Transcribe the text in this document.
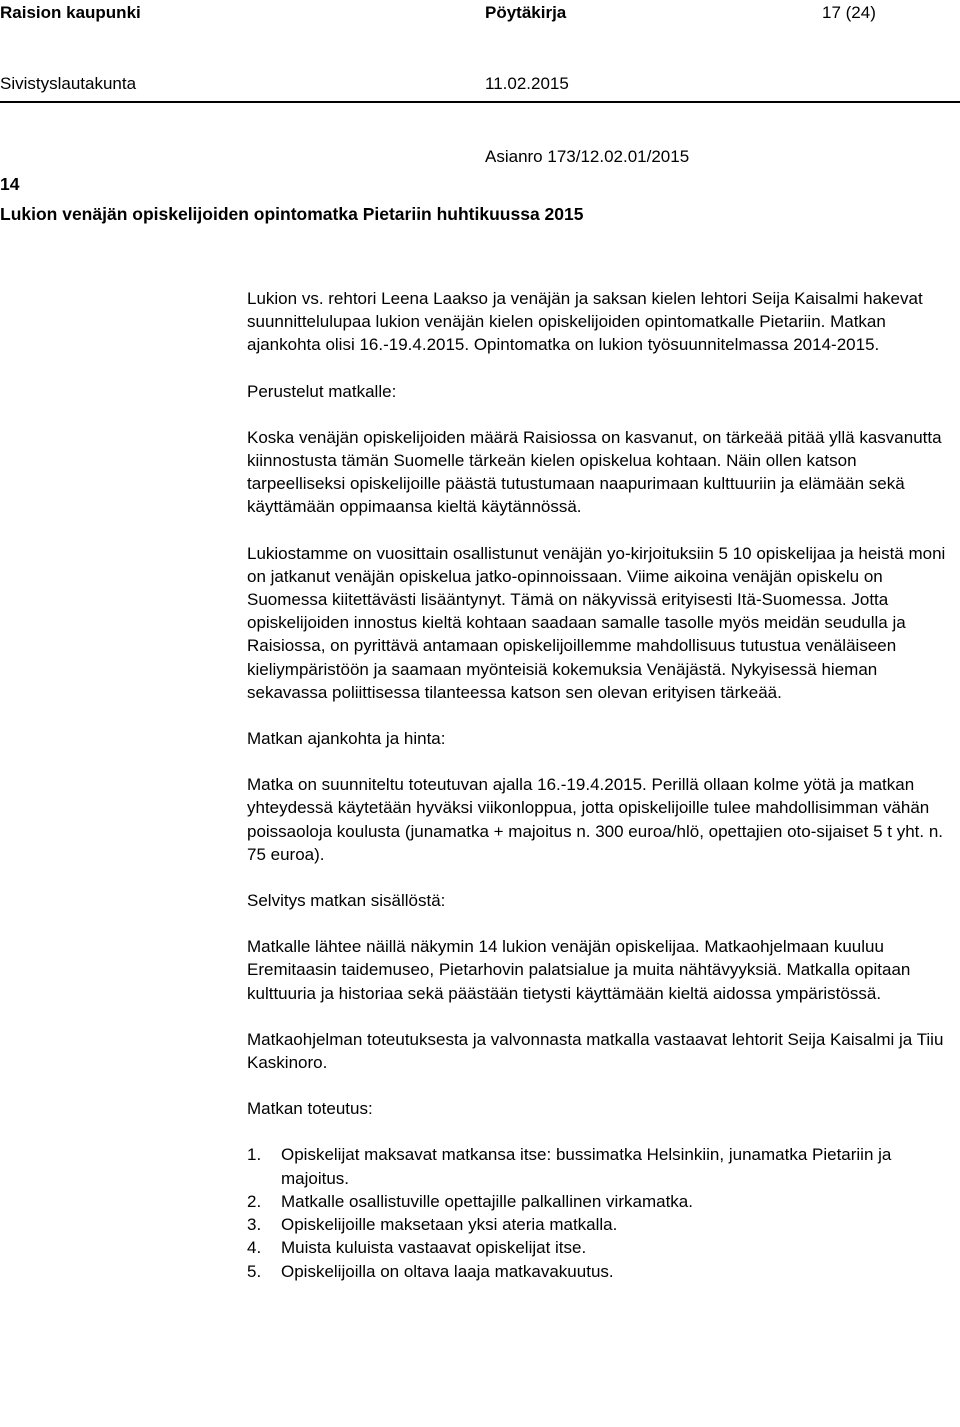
Raision kaupunki	Pöytäkirja	17 (24)
Sivistyslautakunta	11.02.2015
Asianro 173/12.02.01/2015
14
Lukion venäjän opiskelijoiden opintomatka Pietariin huhtikuussa 2015

Lukion vs. rehtori Leena Laakso ja venäjän ja saksan kielen lehtori Seija Kaisalmi hakevat suunnittelulupaa lukion venäjän kielen opiskelijoiden opintomatkalle Pietariin. Matkan ajankohta olisi 16.-19.4.2015. Opintomatka on lukion työsuunnitelmassa 2014-2015.

Perustelut matkalle:

Koska venäjän opiskelijoiden määrä Raisiossa on kasvanut, on tärkeää pitää yllä kasvanutta kiinnostusta tämän Suomelle tärkeän kielen opiskelua kohtaan. Näin ollen katson tarpeelliseksi opiskelijoille päästä tutustumaan naapurimaan kulttuuriin ja elämään sekä käyttämään oppimaansa kieltä käytännössä.

Lukiostamme on vuosittain osallistunut venäjän yo-kirjoituksiin 5 10 opiskelijaa ja heistä moni on jatkanut venäjän opiskelua jatko-opinnoissaan. Viime aikoina venäjän opiskelu on Suomessa kiitettävästi lisääntynyt. Tämä on näkyvissä erityisesti Itä-Suomessa. Jotta opiskelijoiden innostus kieltä kohtaan saadaan samalle tasolle myös meidän seudulla ja Raisiossa, on pyrittävä antamaan opiskelijoillemme mahdollisuus tutustua venäläiseen kieliympäristöön ja saamaan myönteisiä kokemuksia Venäjästä. Nykyisessä hieman sekavassa poliittisessa tilanteessa katson sen olevan erityisen tärkeää.

Matkan ajankohta ja hinta:

Matka on suunniteltu toteutuvan ajalla 16.-19.4.2015. Perillä ollaan kolme yötä ja matkan yhteydessä käytetään hyväksi viikonloppua, jotta opiskelijoille tulee mahdollisimman vähän poissaoloja koulusta (junamatka + majoitus n. 300 euroa/hlö, opettajien oto-sijaiset 5 t yht. n. 75 euroa).

Selvitys matkan sisällöstä:

Matkalle lähtee näillä näkymin 14 lukion venäjän opiskelijaa. Matkaohjelmaan kuuluu Eremitaasin taidemuseo, Pietarhovin palatsialue ja muita nähtävyyksiä. Matkalla opitaan kulttuuria ja historiaa sekä päästään tietysti käyttämään kieltä aidossa ympäristössä.

Matkaohjelman toteutuksesta ja valvonnasta matkalla vastaavat lehtorit Seija Kaisalmi ja Tiiu Kaskinoro.

Matkan toteutus:

1. Opiskelijat maksavat matkansa itse: bussimatka Helsinkiin, junamatka Pietariin ja majoitus.
2. Matkalle osallistuville opettajille palkallinen virkamatka.
3. Opiskelijoille maksetaan yksi ateria matkalla.
4. Muista kuluista vastaavat opiskelijat itse.
5. Opiskelijoilla on oltava laaja matkavakuutus.
